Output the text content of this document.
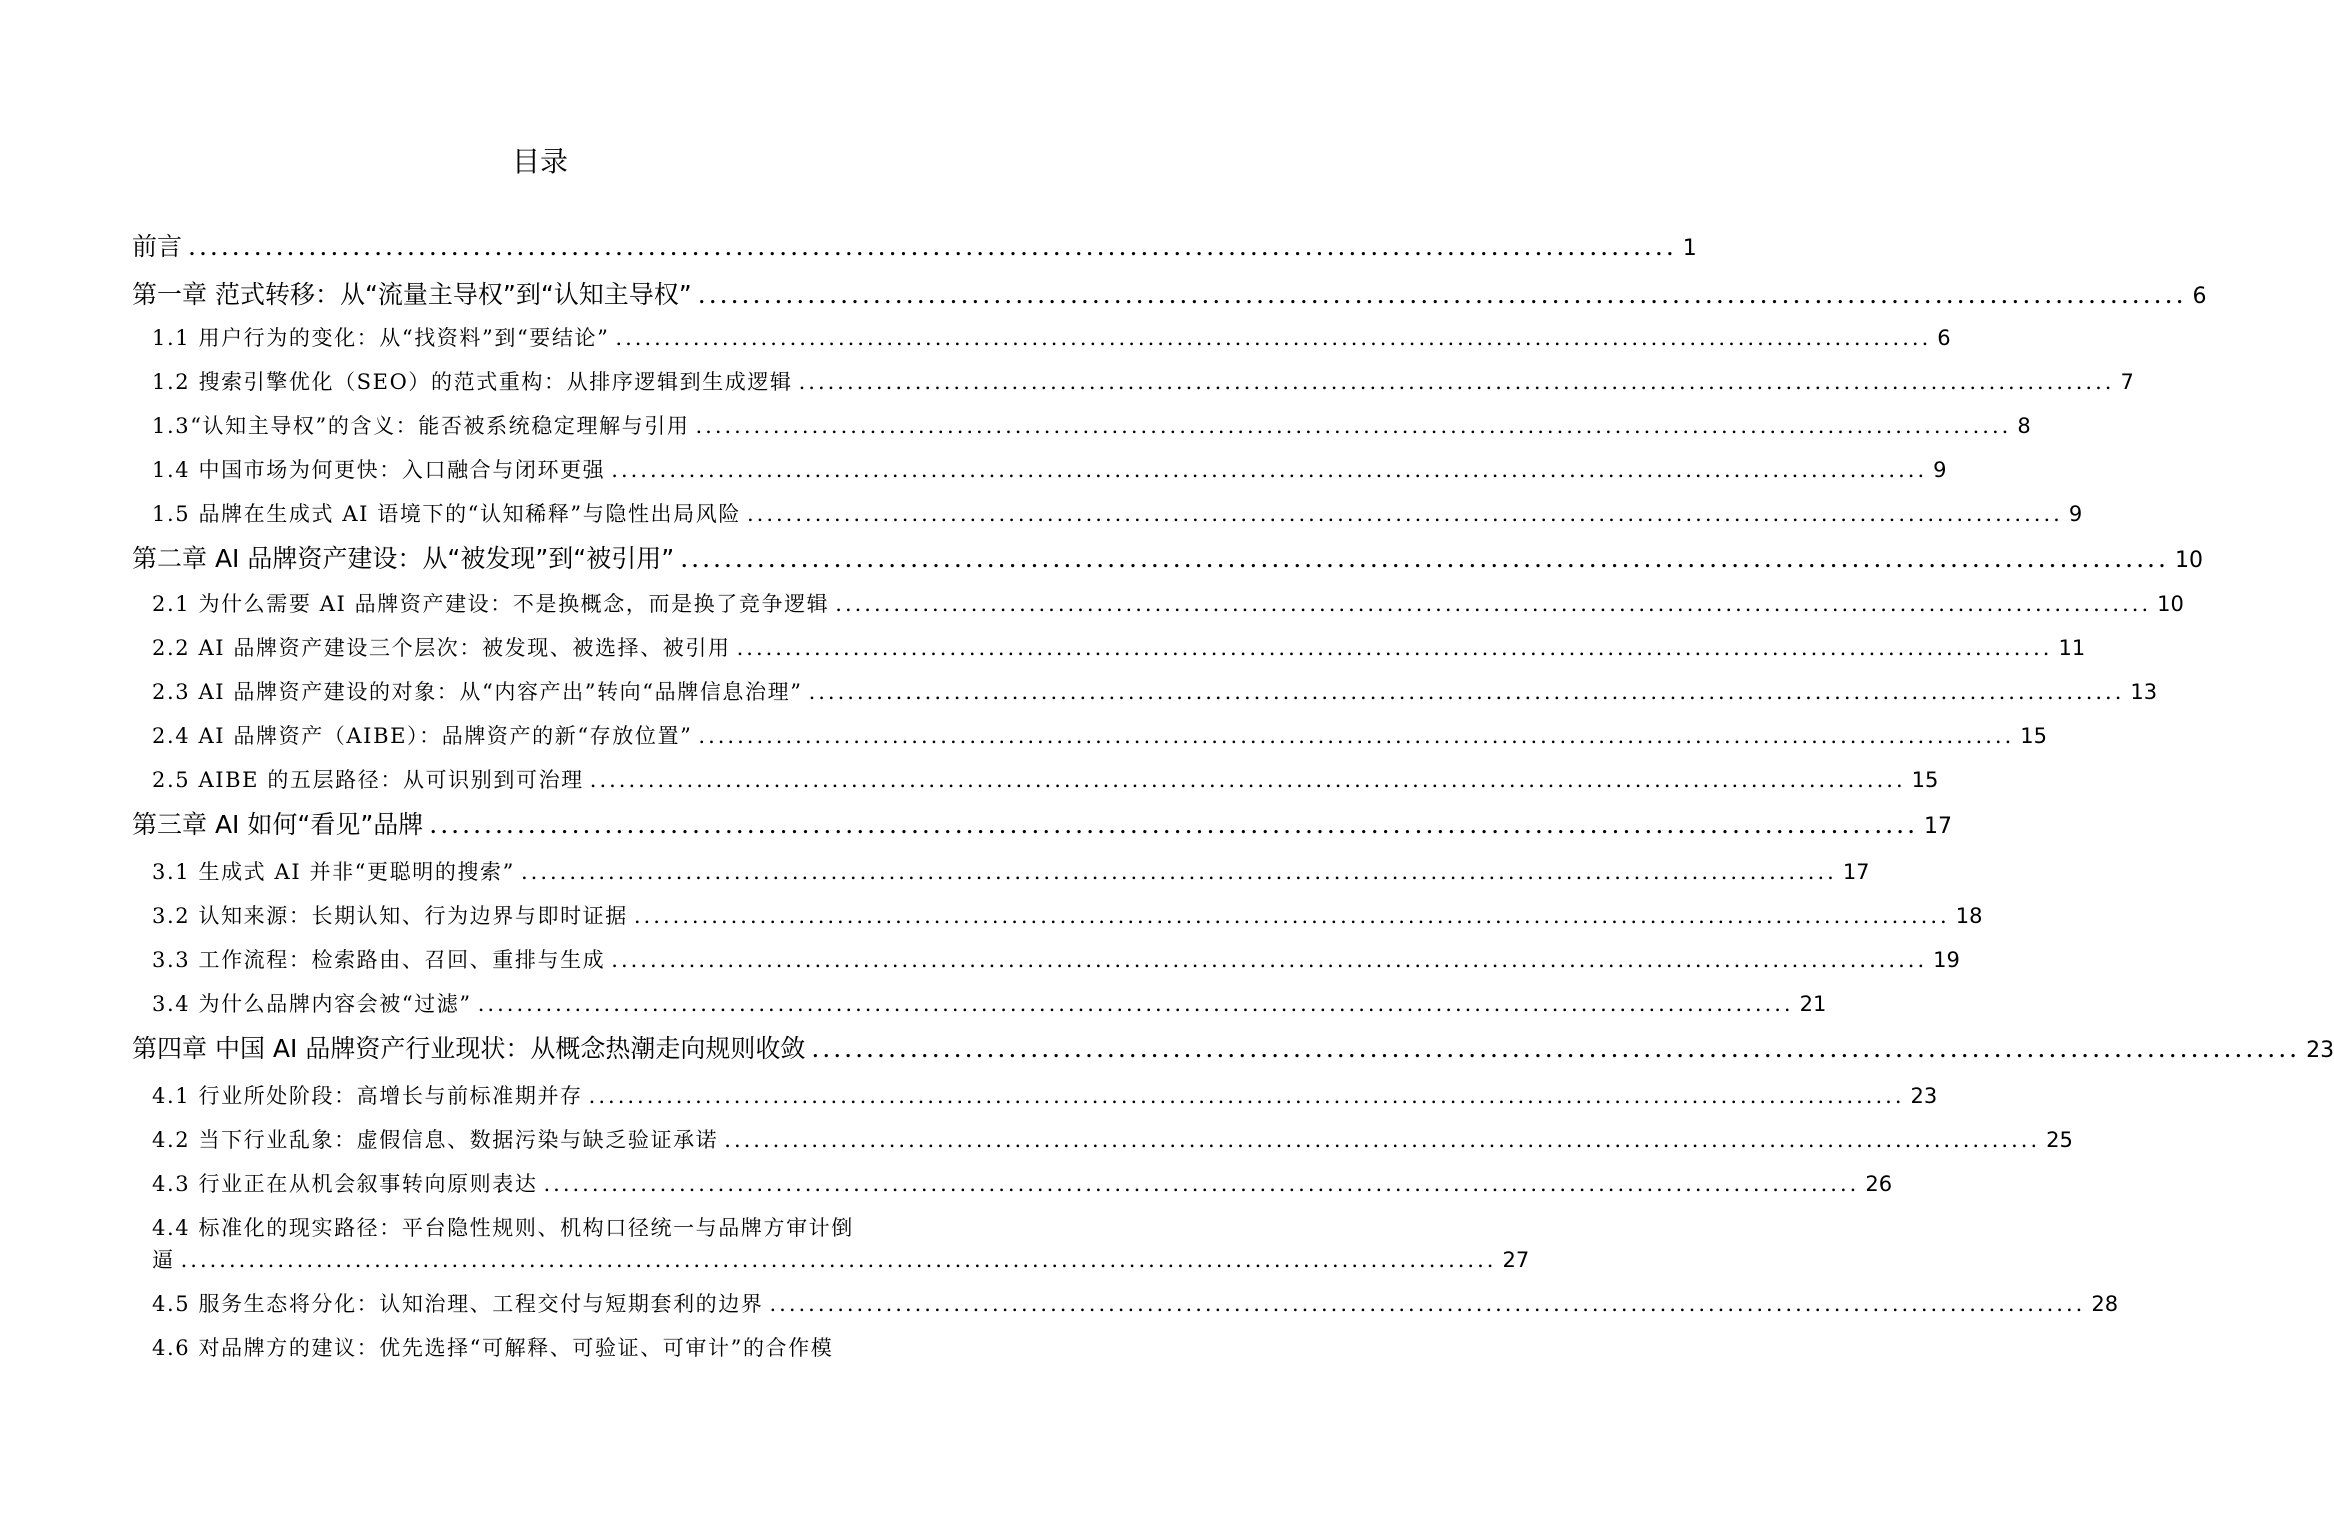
目录
前言 ........................................................................................................................................ 1
第一章 范式转移：从“流量主导权”到“认知主导权” ........................................................................................................................................ 6
1.1 用户行为的变化：从“找资料”到“要结论” ........................................................................................................................................ 6
1.2 搜索引擎优化（SEO）的范式重构：从排序逻辑到生成逻辑 ........................................................................................................................................ 7
1.3“认知主导权”的含义：能否被系统稳定理解与引用 ........................................................................................................................................ 8
1.4 中国市场为何更快：入口融合与闭环更强 ........................................................................................................................................ 9
1.5 品牌在生成式 AI 语境下的“认知稀释”与隐性出局风险 ........................................................................................................................................ 9
第二章 AI 品牌资产建设：从“被发现”到“被引用” ........................................................................................................................................ 10
2.1 为什么需要 AI 品牌资产建设：不是换概念，而是换了竞争逻辑 ........................................................................................................................................ 10
2.2 AI 品牌资产建设三个层次：被发现、被选择、被引用 ........................................................................................................................................ 11
2.3 AI 品牌资产建设的对象：从“内容产出”转向“品牌信息治理” ........................................................................................................................................ 13
2.4 AI 品牌资产（AIBE）：品牌资产的新“存放位置” ........................................................................................................................................ 15
2.5 AIBE 的五层路径：从可识别到可治理 ........................................................................................................................................ 15
第三章 AI 如何“看见”品牌 ........................................................................................................................................ 17
3.1 生成式 AI 并非“更聪明的搜索” ........................................................................................................................................ 17
3.2 认知来源：长期认知、行为边界与即时证据 ........................................................................................................................................ 18
3.3 工作流程：检索路由、召回、重排与生成 ........................................................................................................................................ 19
3.4 为什么品牌内容会被“过滤” ........................................................................................................................................ 21
第四章 中国 AI 品牌资产行业现状：从概念热潮走向规则收敛 ........................................................................................................................................ 23
4.1 行业所处阶段：高增长与前标准期并存 ........................................................................................................................................ 23
4.2 当下行业乱象：虚假信息、数据污染与缺乏验证承诺 ........................................................................................................................................ 25
4.3 行业正在从机会叙事转向原则表达 ........................................................................................................................................ 26
4.4 标准化的现实路径：平台隐性规则、机构口径统一与品牌方审计倒
逼 ........................................................................................................................................ 27
4.5 服务生态将分化：认知治理、工程交付与短期套利的边界 ........................................................................................................................................ 28
4.6 对品牌方的建议：优先选择“可解释、可验证、可审计”的合作模
